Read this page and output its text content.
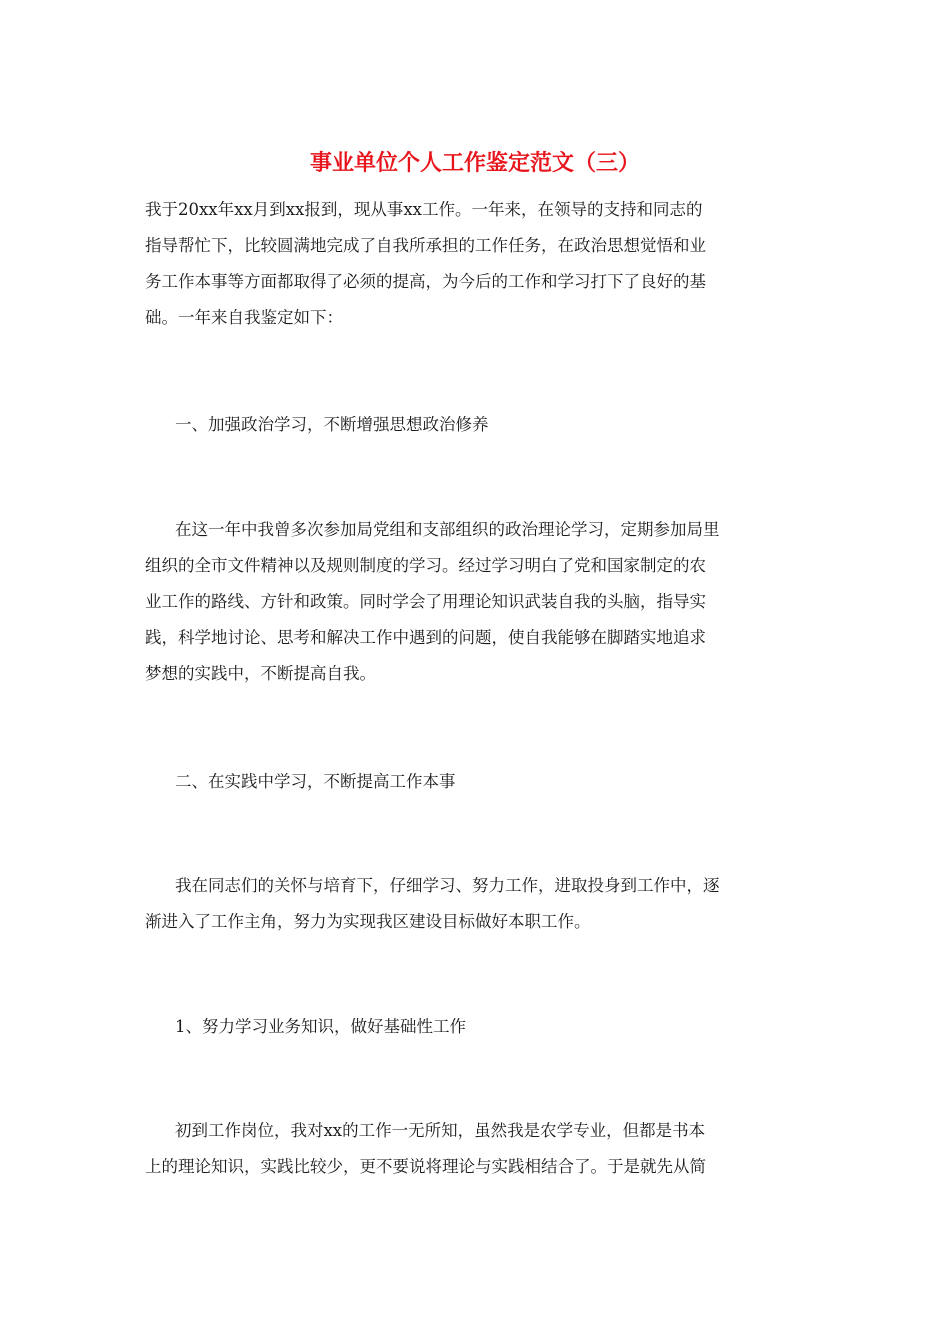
事业单位个人工作鉴定范文（三）
我于20xx年xx月到xx报到，现从事xx工作。一年来，在领导的支持和同志的
指导帮忙下，比较圆满地完成了自我所承担的工作任务，在政治思想觉悟和业
务工作本事等方面都取得了必须的提高，为今后的工作和学习打下了良好的基
础。一年来自我鉴定如下：
一、加强政治学习，不断增强思想政治修养
在这一年中我曾多次参加局党组和支部组织的政治理论学习，定期参加局里
组织的全市文件精神以及规则制度的学习。经过学习明白了党和国家制定的农
业工作的路线、方针和政策。同时学会了用理论知识武装自我的头脑，指导实
践，科学地讨论、思考和解决工作中遇到的问题，使自我能够在脚踏实地追求
梦想的实践中，不断提高自我。
二、在实践中学习，不断提高工作本事
我在同志们的关怀与培育下，仔细学习、努力工作，进取投身到工作中，逐
渐进入了工作主角，努力为实现我区建设目标做好本职工作。
1、努力学习业务知识，做好基础性工作
初到工作岗位，我对xx的工作一无所知，虽然我是农学专业，但都是书本
上的理论知识，实践比较少，更不要说将理论与实践相结合了。于是就先从简
